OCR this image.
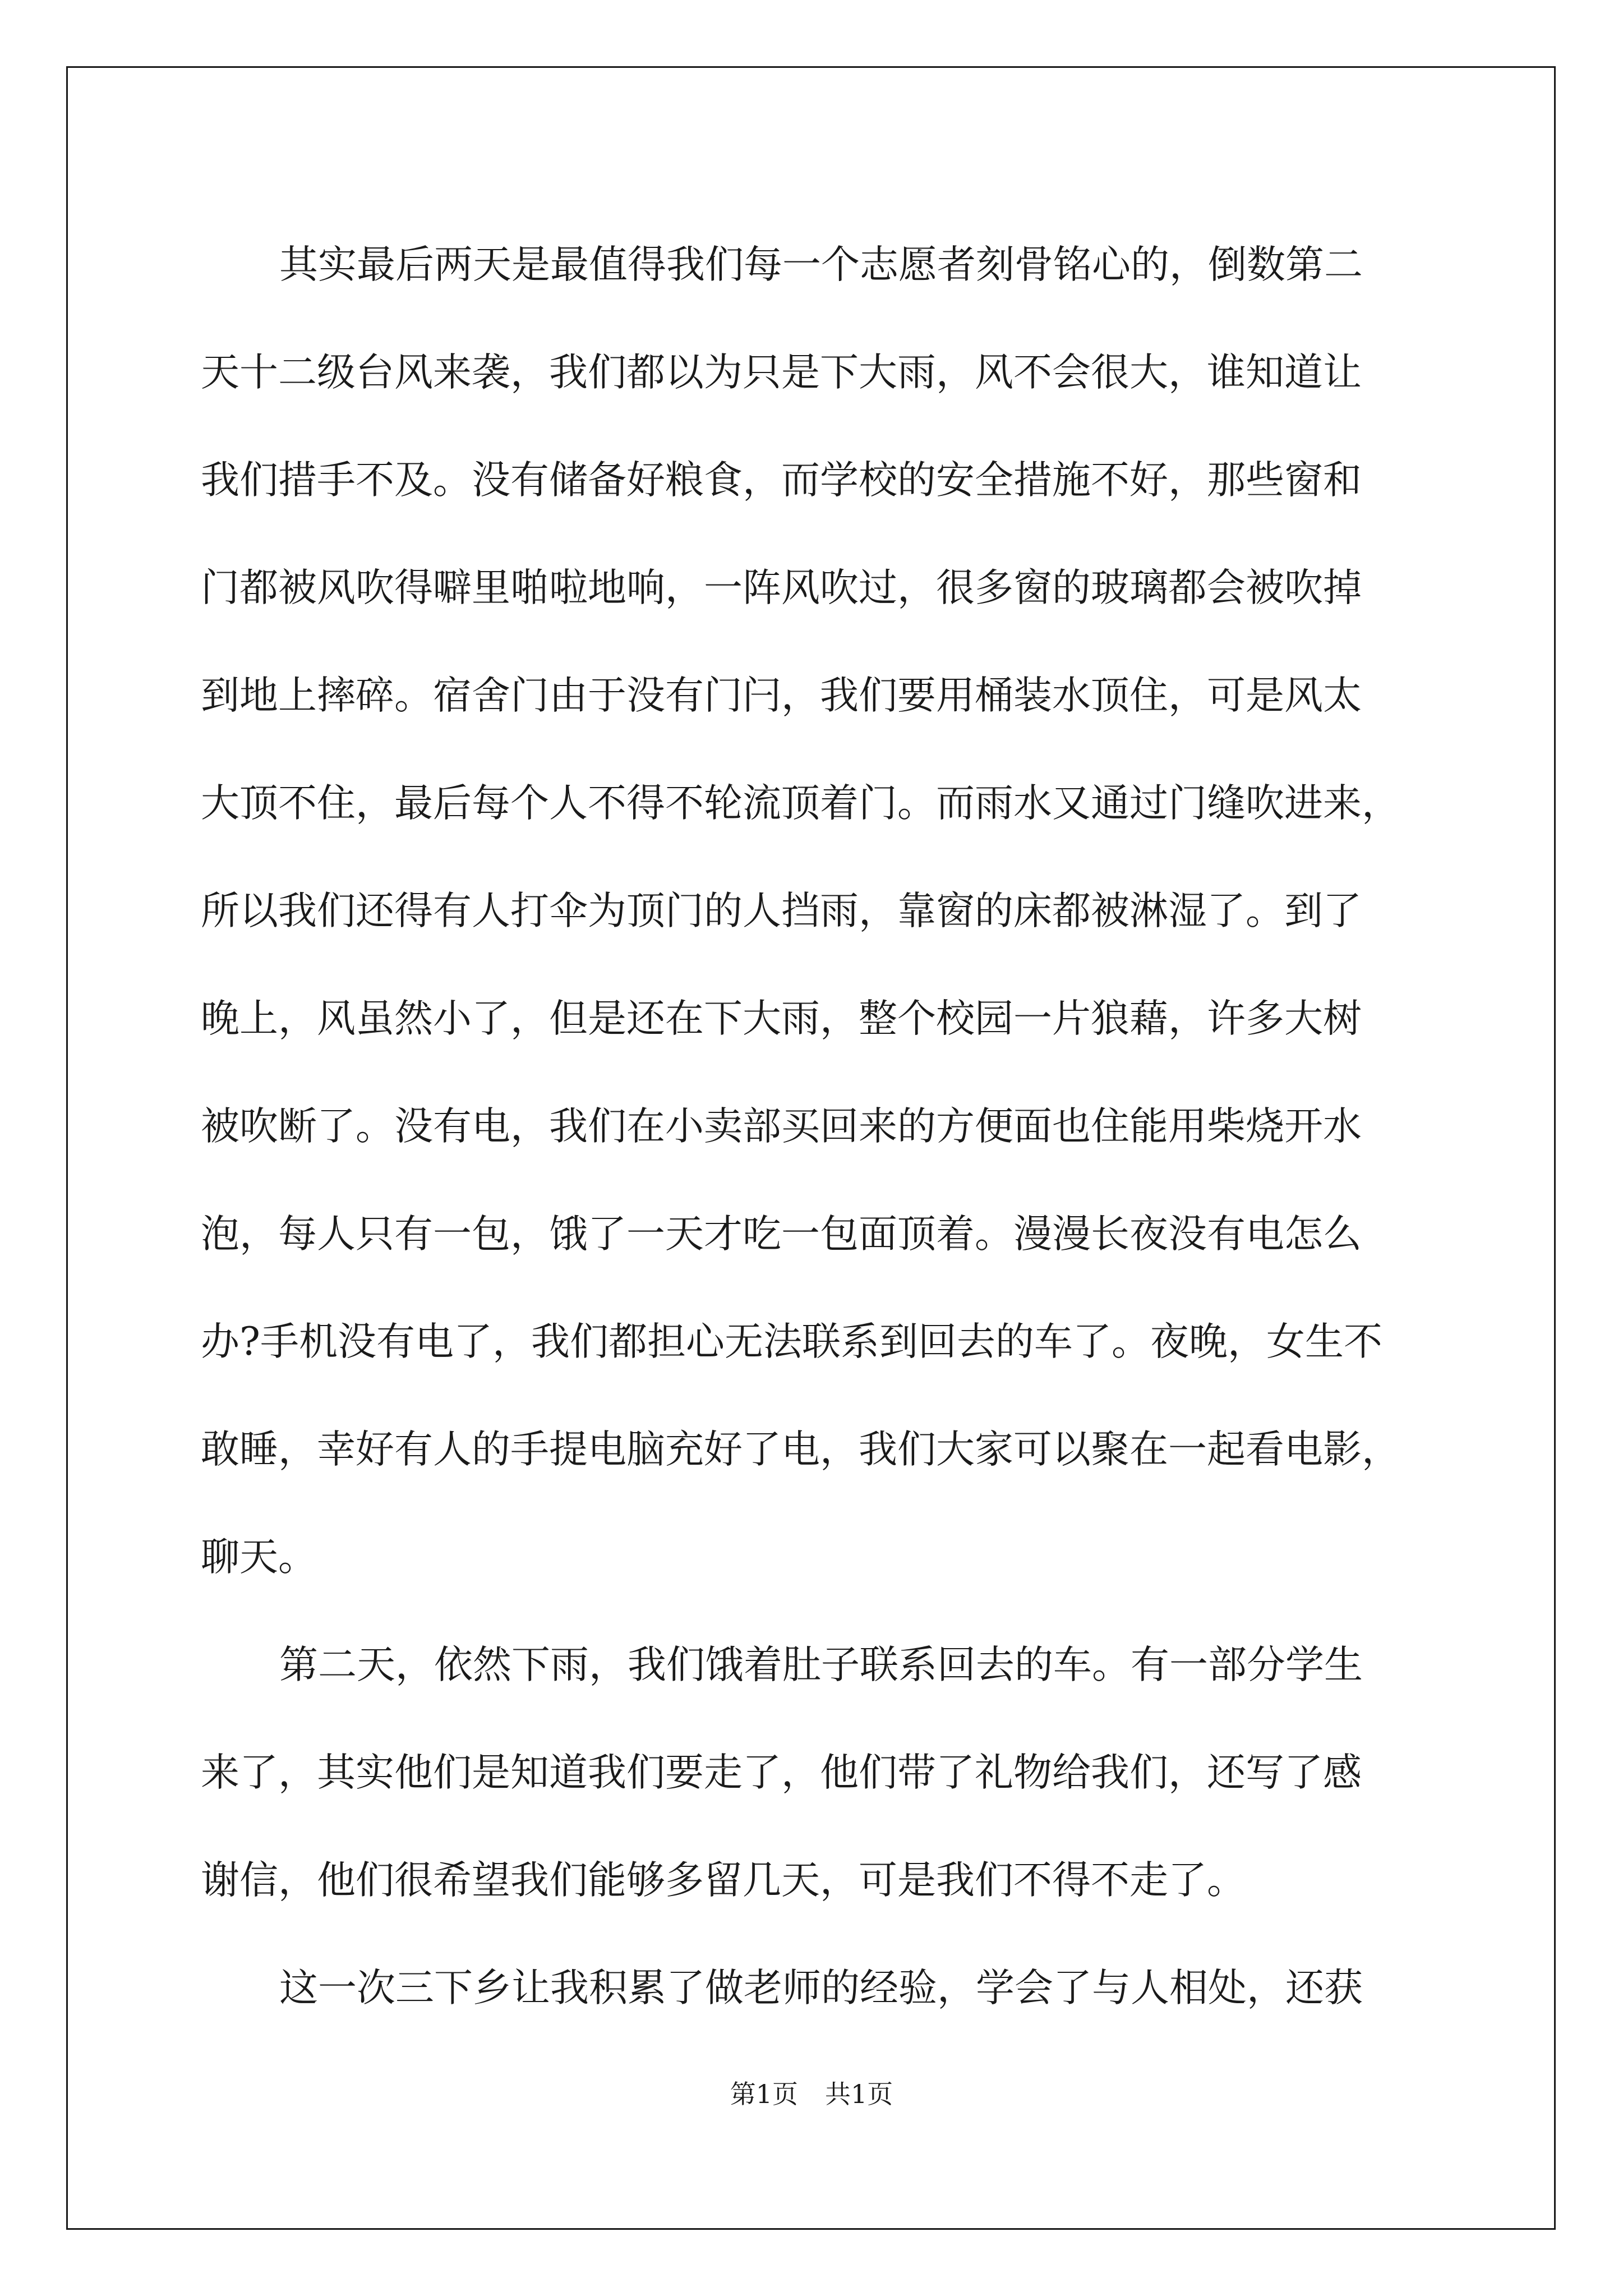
其实最后两天是最值得我们每一个志愿者刻骨铭心的，倒数第二
天十二级台风来袭，我们都以为只是下大雨，风不会很大，谁知道让
我们措手不及。没有储备好粮食，而学校的安全措施不好，那些窗和
门都被风吹得噼里啪啦地响，一阵风吹过，很多窗的玻璃都会被吹掉
到地上摔碎。宿舍门由于没有门闩，我们要用桶装水顶住，可是风太
大顶不住，最后每个人不得不轮流顶着门。而雨水又通过门缝吹进来，
所以我们还得有人打伞为顶门的人挡雨，靠窗的床都被淋湿了。到了
晚上，风虽然小了，但是还在下大雨，整个校园一片狼藉，许多大树
被吹断了。没有电，我们在小卖部买回来的方便面也住能用柴烧开水
泡，每人只有一包，饿了一天才吃一包面顶着。漫漫长夜没有电怎么
办?手机没有电了，我们都担心无法联系到回去的车了。夜晚，女生不
敢睡，幸好有人的手提电脑充好了电，我们大家可以聚在一起看电影，
聊天。
第二天，依然下雨，我们饿着肚子联系回去的车。有一部分学生
来了，其实他们是知道我们要走了，他们带了礼物给我们，还写了感
谢信，他们很希望我们能够多留几天，可是我们不得不走了。
这一次三下乡让我积累了做老师的经验，学会了与人相处，还获
第1页 共1页
